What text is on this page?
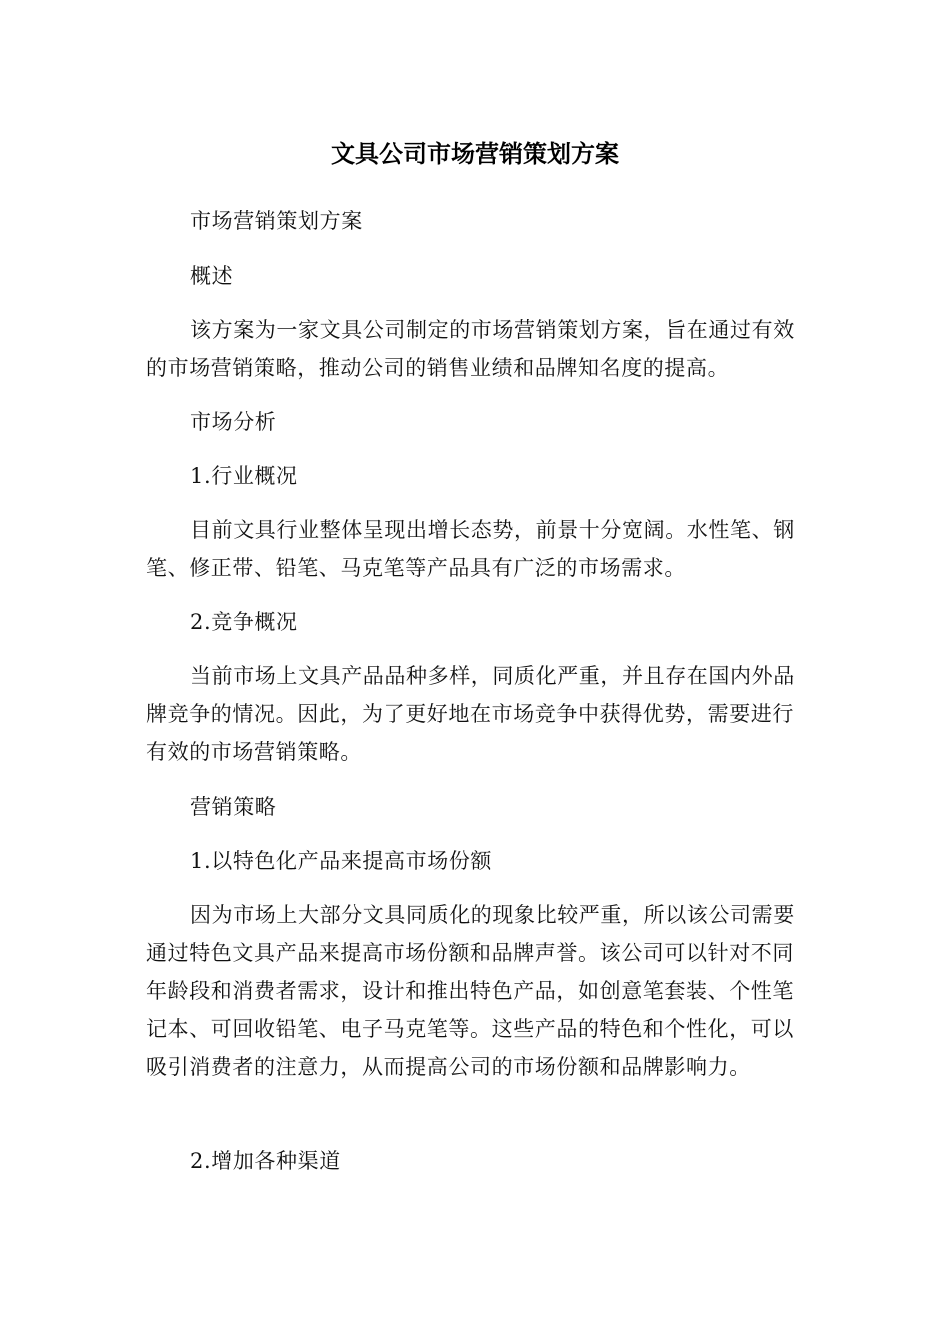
文具公司市场营销策划方案

市场营销策划方案

概述

该方案为一家文具公司制定的市场营销策划方案，旨在通过有效的市场营销策略，推动公司的销售业绩和品牌知名度的提高。

市场分析

1.行业概况

目前文具行业整体呈现出增长态势，前景十分宽阔。水性笔、钢笔、修正带、铅笔、马克笔等产品具有广泛的市场需求。

2.竞争概况

当前市场上文具产品品种多样，同质化严重，并且存在国内外品牌竞争的情况。因此，为了更好地在市场竞争中获得优势，需要进行有效的市场营销策略。

营销策略

1.以特色化产品来提高市场份额

因为市场上大部分文具同质化的现象比较严重，所以该公司需要通过特色文具产品来提高市场份额和品牌声誉。该公司可以针对不同年龄段和消费者需求，设计和推出特色产品，如创意笔套装、个性笔记本、可回收铅笔、电子马克笔等。这些产品的特色和个性化，可以吸引消费者的注意力，从而提高公司的市场份额和品牌影响力。

2.增加各种渠道
